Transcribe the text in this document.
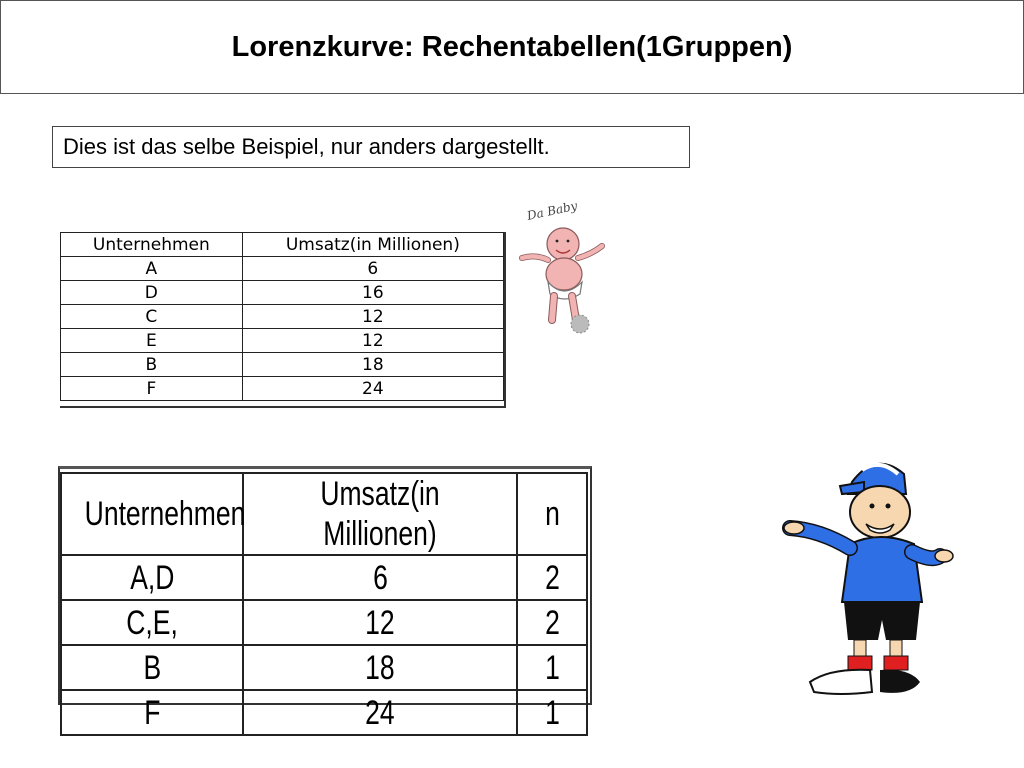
Lorenzkurve: Rechentabellen(1Gruppen)
Dies ist das selbe Beispiel, nur anders dargestellt.
Unternehmen	Umsatz(in Millionen)
A	6
D	16
C	12
E	12
B	18
F	24
Unternehmen	Umsatz(in Millionen)	n
A,D	6	2
C,E,	12	2
B	18	1
F	24	1
Da Baby
